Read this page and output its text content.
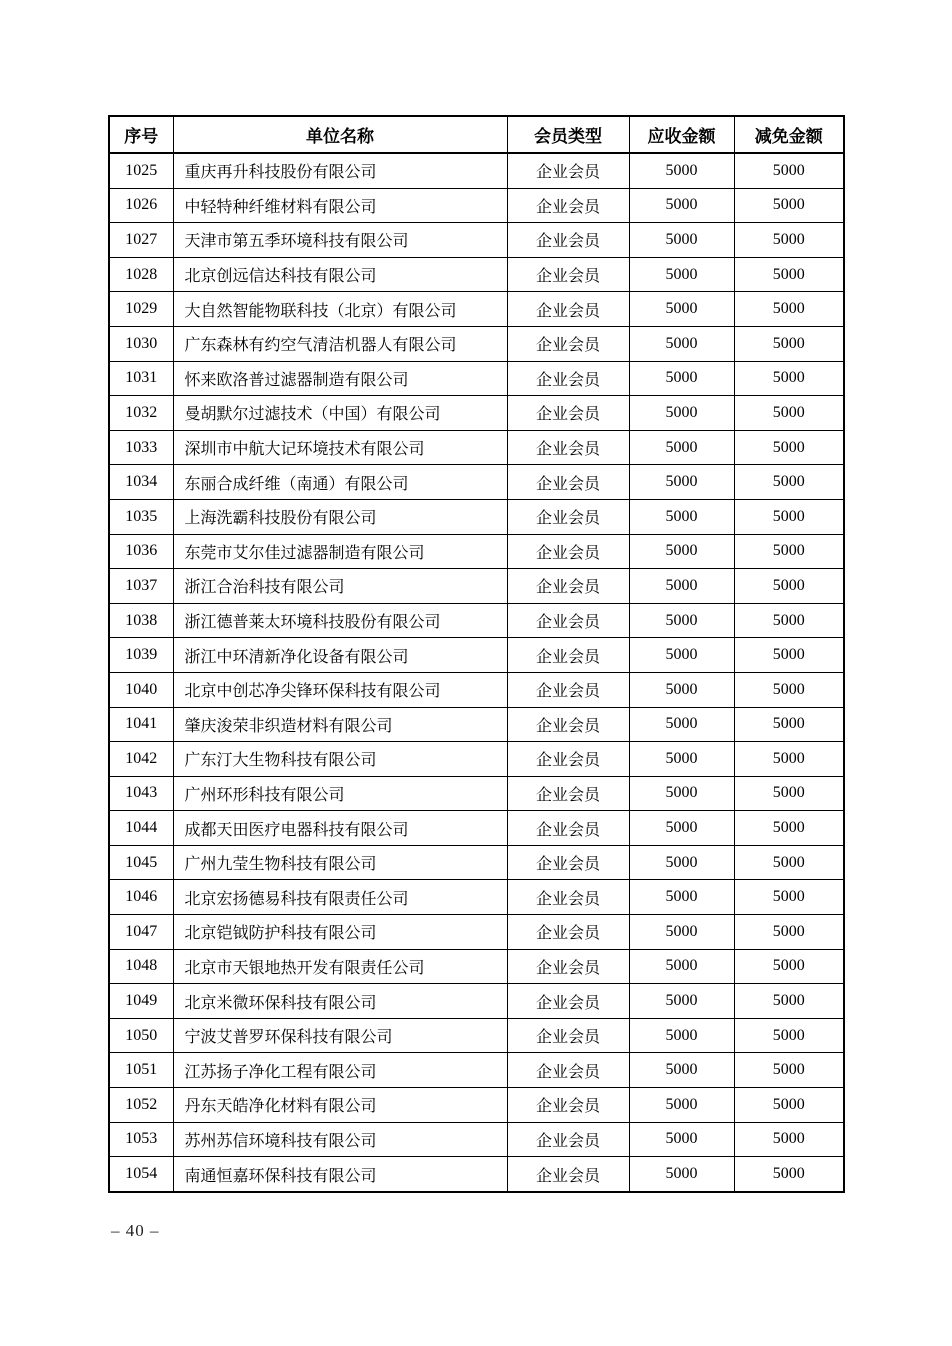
序号	单位名称	会员类型	应收金额	减免金额
1025	重庆再升科技股份有限公司	企业会员	5000	5000
1026	中轻特种纤维材料有限公司	企业会员	5000	5000
1027	天津市第五季环境科技有限公司	企业会员	5000	5000
1028	北京创远信达科技有限公司	企业会员	5000	5000
1029	大自然智能物联科技（北京）有限公司	企业会员	5000	5000
1030	广东森林有约空气清洁机器人有限公司	企业会员	5000	5000
1031	怀来欧洛普过滤器制造有限公司	企业会员	5000	5000
1032	曼胡默尔过滤技术（中国）有限公司	企业会员	5000	5000
1033	深圳市中航大记环境技术有限公司	企业会员	5000	5000
1034	东丽合成纤维（南通）有限公司	企业会员	5000	5000
1035	上海洗霸科技股份有限公司	企业会员	5000	5000
1036	东莞市艾尔佳过滤器制造有限公司	企业会员	5000	5000
1037	浙江合治科技有限公司	企业会员	5000	5000
1038	浙江德普莱太环境科技股份有限公司	企业会员	5000	5000
1039	浙江中环清新净化设备有限公司	企业会员	5000	5000
1040	北京中创芯净尖锋环保科技有限公司	企业会员	5000	5000
1041	肇庆浚荣非织造材料有限公司	企业会员	5000	5000
1042	广东汀大生物科技有限公司	企业会员	5000	5000
1043	广州环形科技有限公司	企业会员	5000	5000
1044	成都天田医疗电器科技有限公司	企业会员	5000	5000
1045	广州九莹生物科技有限公司	企业会员	5000	5000
1046	北京宏扬德易科技有限责任公司	企业会员	5000	5000
1047	北京铠钺防护科技有限公司	企业会员	5000	5000
1048	北京市天银地热开发有限责任公司	企业会员	5000	5000
1049	北京米微环保科技有限公司	企业会员	5000	5000
1050	宁波艾普罗环保科技有限公司	企业会员	5000	5000
1051	江苏扬子净化工程有限公司	企业会员	5000	5000
1052	丹东天皓净化材料有限公司	企业会员	5000	5000
1053	苏州苏信环境科技有限公司	企业会员	5000	5000
1054	南通恒嘉环保科技有限公司	企业会员	5000	5000
– 40 –
